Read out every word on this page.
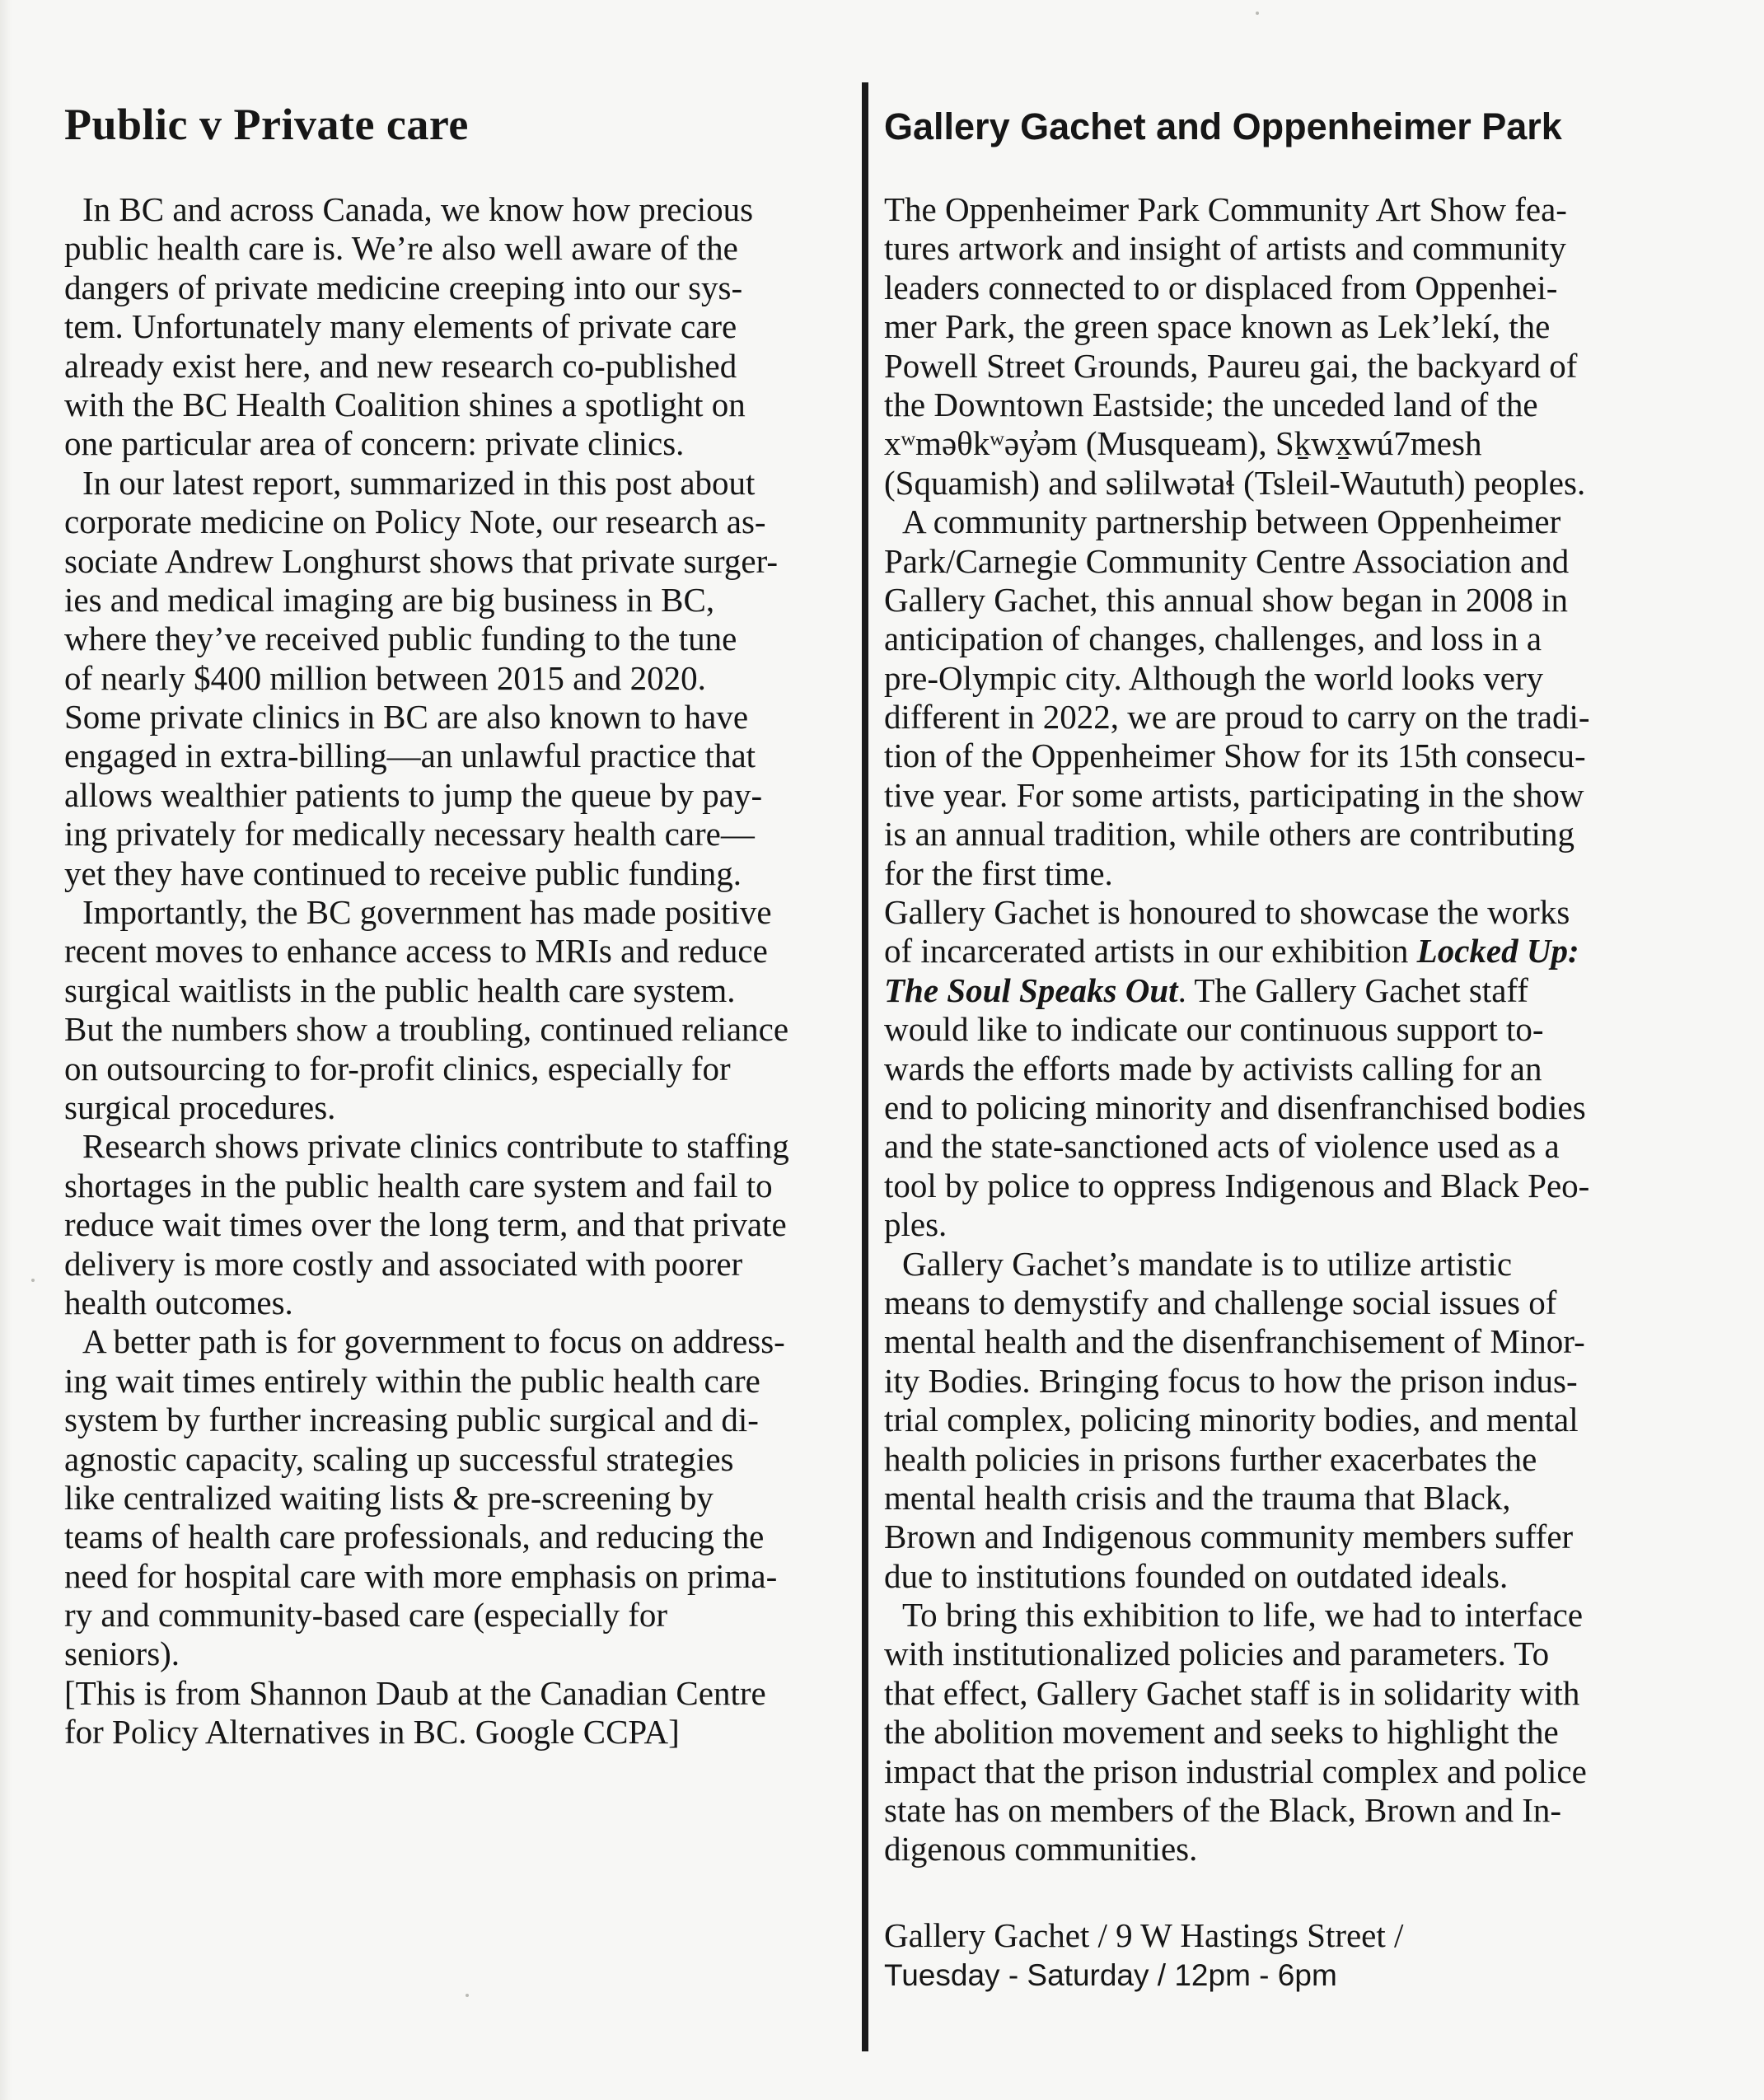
Public v Private care
In BC and across Canada, we know how precious
public health care is. We’re also well aware of the
dangers of private medicine creeping into our sys-
tem. Unfortunately many elements of private care
already exist here, and new research co-published
with the BC Health Coalition shines a spotlight on
one particular area of concern: private clinics.
In our latest report, summarized in this post about
corporate medicine on Policy Note, our research as-
sociate Andrew Longhurst shows that private surger-
ies and medical imaging are big business in BC,
where they’ve received public funding to the tune
of nearly $400 million between 2015 and 2020.
Some private clinics in BC are also known to have
engaged in extra-billing—an unlawful practice that
allows wealthier patients to jump the queue by pay-
ing privately for medically necessary health care—
yet they have continued to receive public funding.
Importantly, the BC government has made positive
recent moves to enhance access to MRIs and reduce
surgical waitlists in the public health care system.
But the numbers show a troubling, continued reliance
on outsourcing to for-profit clinics, especially for
surgical procedures.
Research shows private clinics contribute to staffing
shortages in the public health care system and fail to
reduce wait times over the long term, and that private
delivery is more costly and associated with poorer
health outcomes.
A better path is for government to focus on address-
ing wait times entirely within the public health care
system by further increasing public surgical and di-
agnostic capacity, scaling up successful strategies
like centralized waiting lists & pre-screening by
teams of health care professionals, and reducing the
need for hospital care with more emphasis on prima-
ry and community-based care (especially for
seniors).
[This is from Shannon Daub at the Canadian Centre
for Policy Alternatives in BC. Google CCPA]
Gallery Gachet and Oppenheimer Park
The Oppenheimer Park Community Art Show fea-
tures artwork and insight of artists and community
leaders connected to or displaced from Oppenhei-
mer Park, the green space known as Lek’lekí, the
Powell Street Grounds, Paureu gai, the backyard of
the Downtown Eastside; the unceded land of the
xʷməθkʷəy̓əm (Musqueam), Sḵwx̱wú7mesh
(Squamish) and səlilwətaɬ (Tsleil-Waututh) peoples.
A community partnership between Oppenheimer
Park/Carnegie Community Centre Association and
Gallery Gachet, this annual show began in 2008 in
anticipation of changes, challenges, and loss in a
pre-Olympic city. Although the world looks very
different in 2022, we are proud to carry on the tradi-
tion of the Oppenheimer Show for its 15th consecu-
tive year. For some artists, participating in the show
is an annual tradition, while others are contributing
for the first time.
Gallery Gachet is honoured to showcase the works
of incarcerated artists in our exhibition Locked Up:
The Soul Speaks Out. The Gallery Gachet staff
would like to indicate our continuous support to-
wards the efforts made by activists calling for an
end to policing minority and disenfranchised bodies
and the state-sanctioned acts of violence used as a
tool by police to oppress Indigenous and Black Peo-
ples.
Gallery Gachet’s mandate is to utilize artistic
means to demystify and challenge social issues of
mental health and the disenfranchisement of Minor-
ity Bodies. Bringing focus to how the prison indus-
trial complex, policing minority bodies, and mental
health policies in prisons further exacerbates the
mental health crisis and the trauma that Black,
Brown and Indigenous community members suffer
due to institutions founded on outdated ideals.
To bring this exhibition to life, we had to interface
with institutionalized policies and parameters. To
that effect, Gallery Gachet staff is in solidarity with
the abolition movement and seeks to highlight the
impact that the prison industrial complex and police
state has on members of the Black, Brown and In-
digenous communities.
Gallery Gachet / 9 W Hastings Street /
Tuesday - Saturday / 12pm - 6pm
